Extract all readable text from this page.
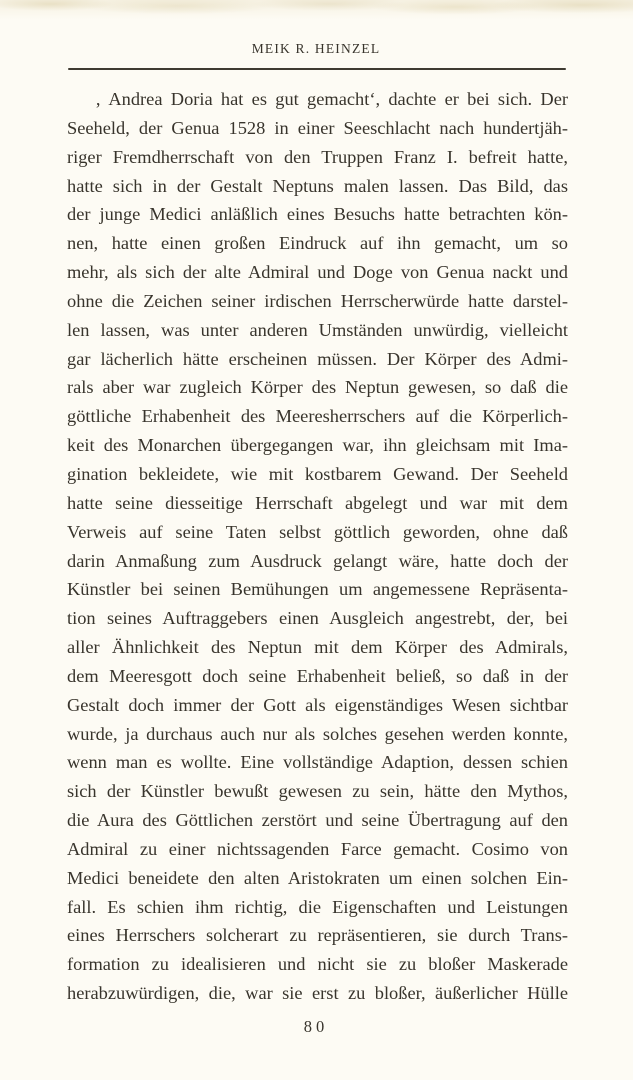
MEIK R. HEINZEL
‚ Andrea Doria hat es gut gemacht‘, dachte er bei sich. Der
Seeheld, der Genua 1528 in einer Seeschlacht nach hundertjäh-
riger Fremdherrschaft von den Truppen Franz I. befreit hatte,
hatte sich in der Gestalt Neptuns malen lassen. Das Bild, das
der junge Medici anläßlich eines Besuchs hatte betrachten kön-
nen, hatte einen großen Eindruck auf ihn gemacht, um so
mehr, als sich der alte Admiral und Doge von Genua nackt und
ohne die Zeichen seiner irdischen Herrscherwürde hatte darstel-
len lassen, was unter anderen Umständen unwürdig, vielleicht
gar lächerlich hätte erscheinen müssen. Der Körper des Admi-
rals aber war zugleich Körper des Neptun gewesen, so daß die
göttliche Erhabenheit des Meeresherrschers auf die Körperlich-
keit des Monarchen übergegangen war, ihn gleichsam mit Ima-
gination bekleidete, wie mit kostbarem Gewand. Der Seeheld
hatte seine diesseitige Herrschaft abgelegt und war mit dem
Verweis auf seine Taten selbst göttlich geworden, ohne daß
darin Anmaßung zum Ausdruck gelangt wäre, hatte doch der
Künstler bei seinen Bemühungen um angemessene Repräsenta-
tion seines Auftraggebers einen Ausgleich angestrebt, der, bei
aller Ähnlichkeit des Neptun mit dem Körper des Admirals,
dem Meeresgott doch seine Erhabenheit beließ, so daß in der
Gestalt doch immer der Gott als eigenständiges Wesen sichtbar
wurde, ja durchaus auch nur als solches gesehen werden konnte,
wenn man es wollte. Eine vollständige Adaption, dessen schien
sich der Künstler bewußt gewesen zu sein, hätte den Mythos,
die Aura des Göttlichen zerstört und seine Übertragung auf den
Admiral zu einer nichtssagenden Farce gemacht. Cosimo von
Medici beneidete den alten Aristokraten um einen solchen Ein-
fall. Es schien ihm richtig, die Eigenschaften und Leistungen
eines Herrschers solcherart zu repräsentieren, sie durch Trans-
formation zu idealisieren und nicht sie zu bloßer Maskerade
herabzuwürdigen, die, war sie erst zu bloßer, äußerlicher Hülle
80
